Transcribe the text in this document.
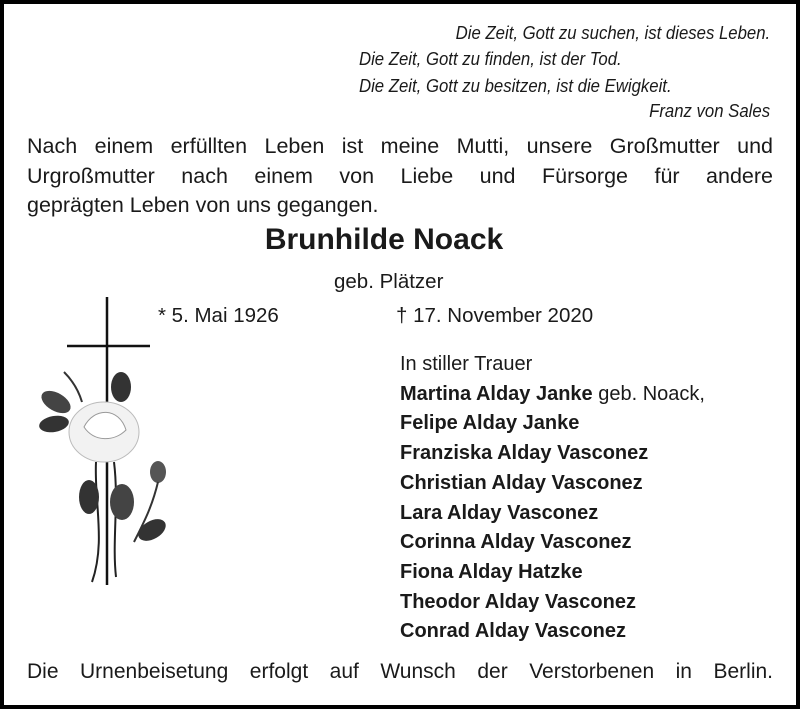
Die Zeit, Gott zu suchen, ist dieses Leben.
Die Zeit, Gott zu finden, ist der Tod.
Die Zeit, Gott zu besitzen, ist die Ewigkeit.
Franz von Sales
Nach einem erfüllten Leben ist meine Mutti, unsere Großmutter und
Urgroßmutter nach einem von Liebe und Fürsorge für andere
geprägten Leben von uns gegangen.
Brunhilde Noack
geb. Plätzer
* 5. Mai 1926	† 17. November 2020
In stiller Trauer
Martina Alday Janke geb. Noack,
Felipe Alday Janke
Franziska Alday Vasconez
Christian Alday Vasconez
Lara Alday Vasconez
Corinna Alday Vasconez
Fiona Alday Hatzke
Theodor Alday Vasconez
Conrad Alday Vasconez
Die Urnenbeisetung erfolgt auf Wunsch der Verstorbenen in Berlin.
